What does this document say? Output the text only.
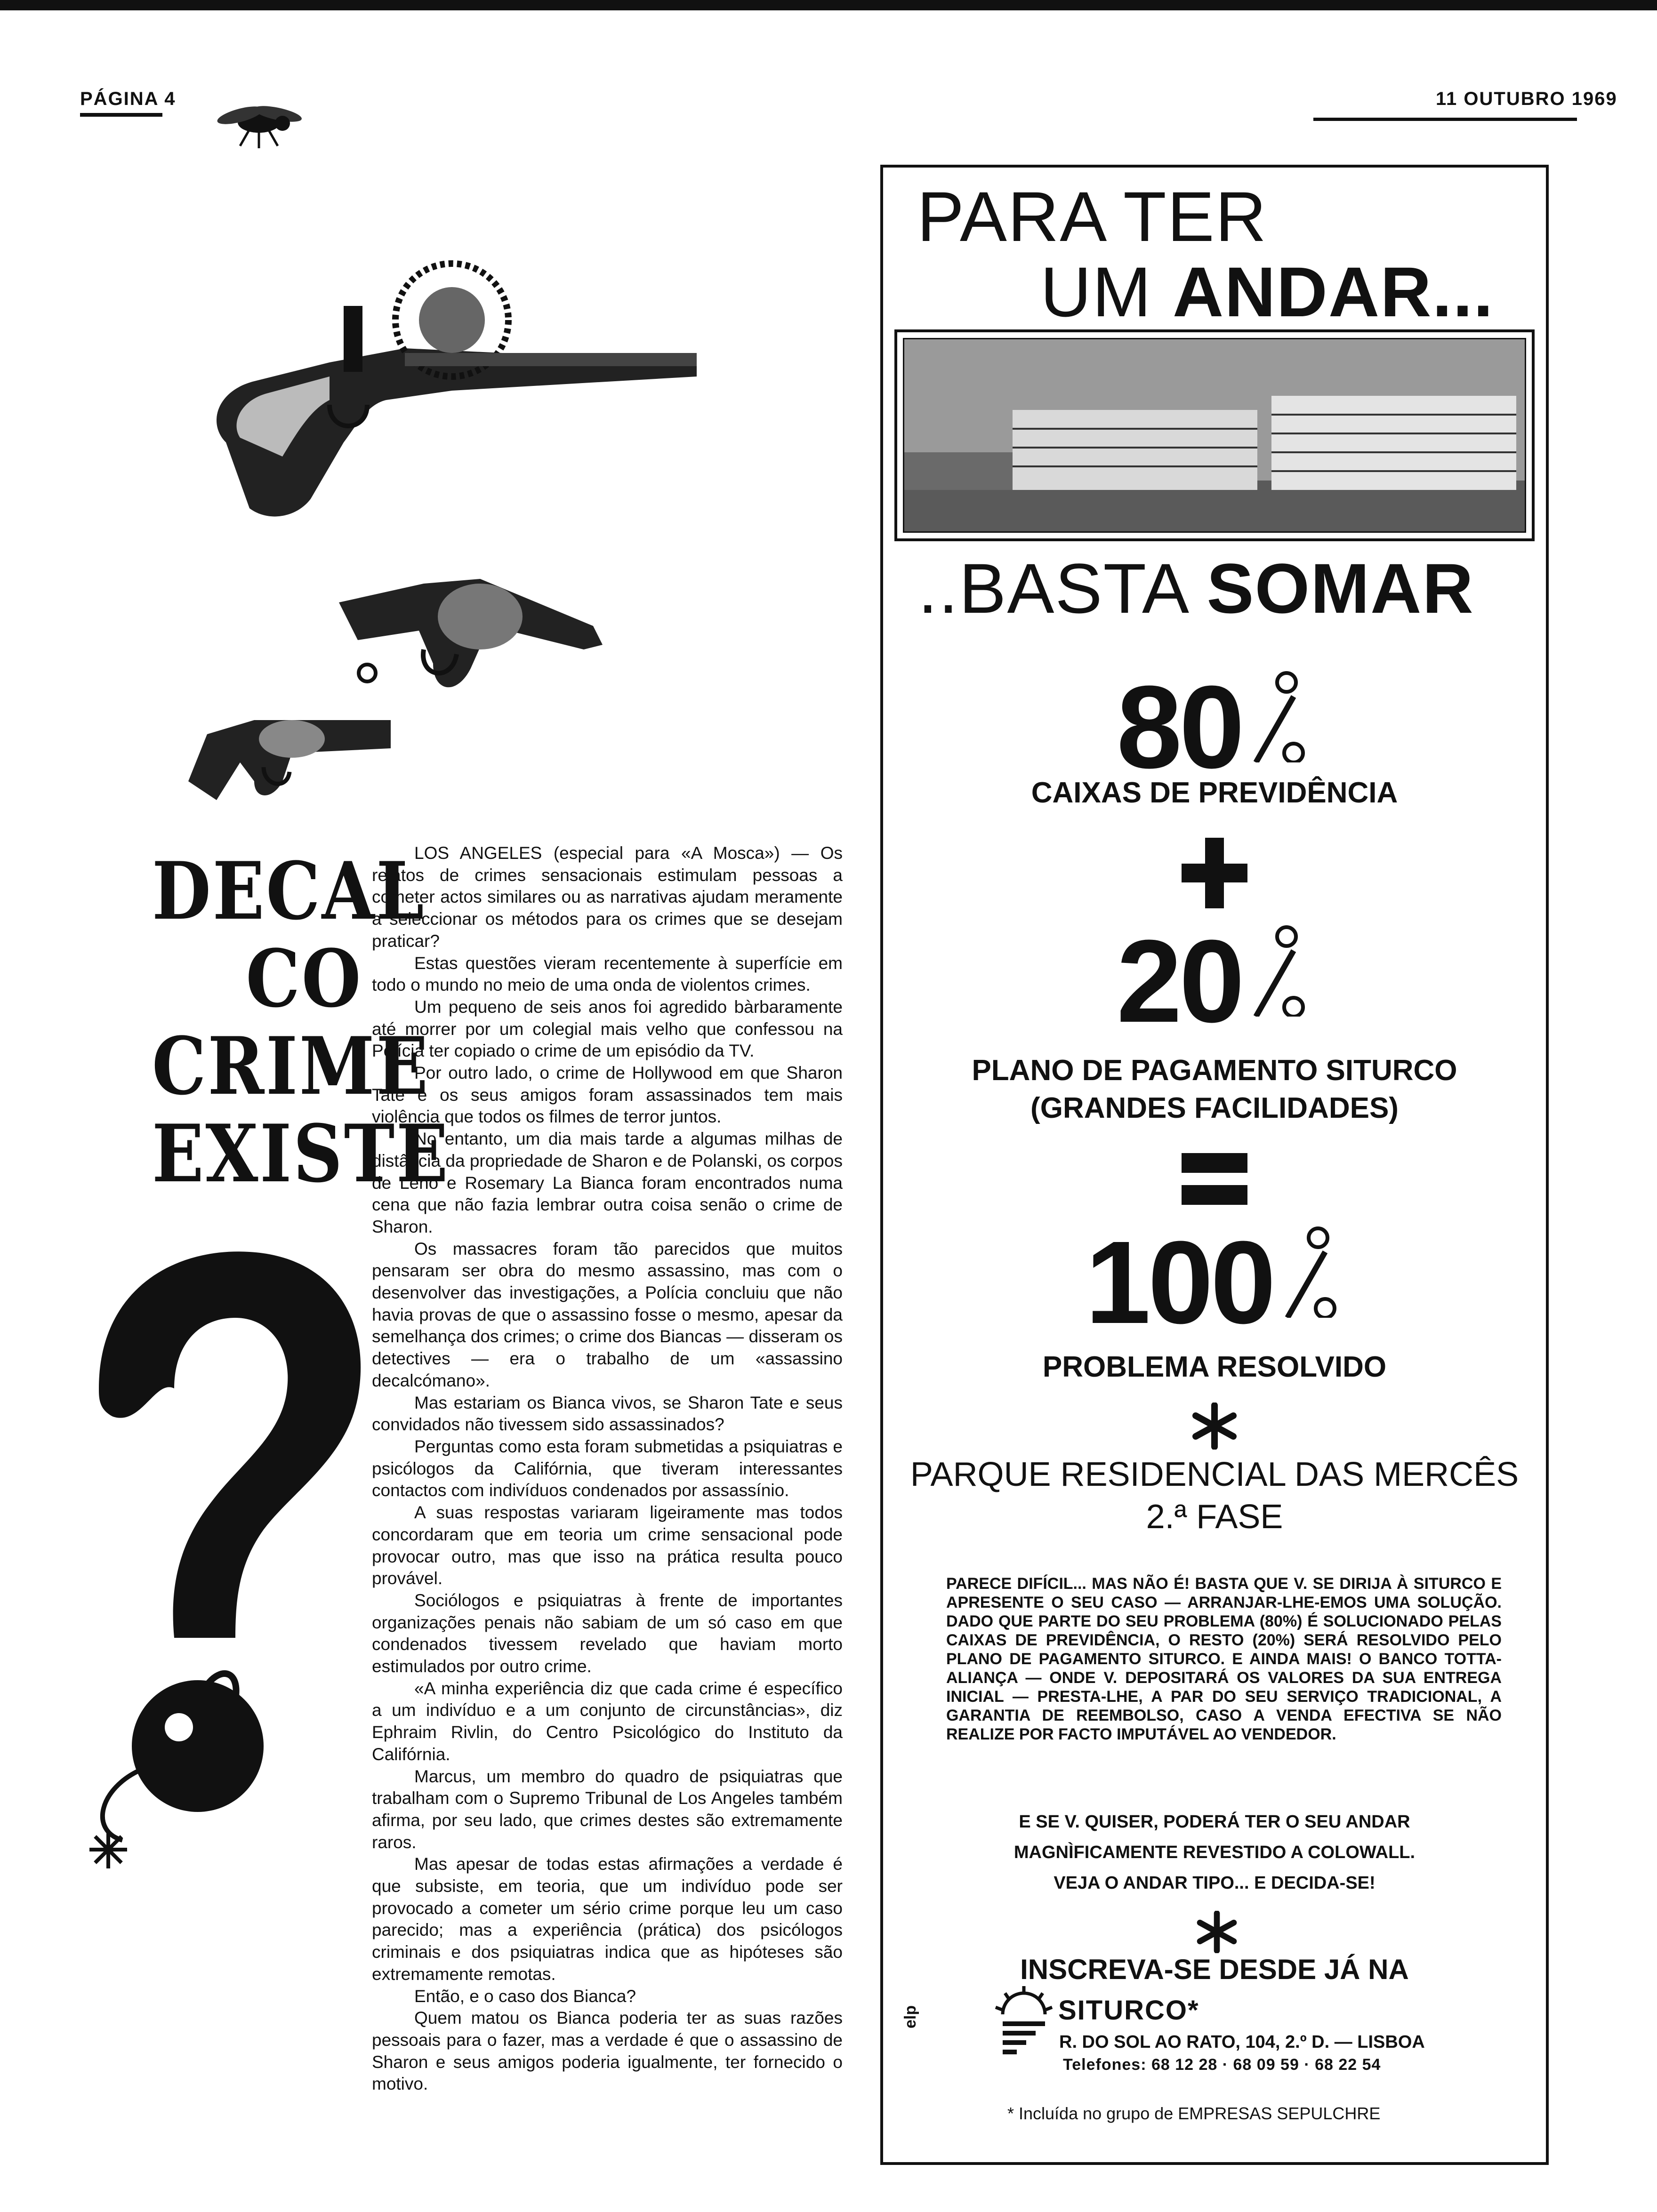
PÁGINA 4	11 OUTUBRO 1969
DECAL
CO
CRIME
EXISTE

LOS ANGELES (especial para «A Mosca») — Os relatos de crimes sensacionais estimulam pessoas a cometer actos similares ou as narrativas ajudam meramente a seleccionar os métodos para os crimes que se desejam praticar?

Estas questões vieram recentemente à superfície em todo o mundo no meio de uma onda de violentos crimes.

Um pequeno de seis anos foi agredido bàrbaramente até morrer por um colegial mais velho que confessou na Polícia ter copiado o crime de um episódio da TV.

Por outro lado, o crime de Hollywood em que Sharon Tate e os seus amigos foram assassinados tem mais violência que todos os filmes de terror juntos.

No entanto, um dia mais tarde a algumas milhas de distância da propriedade de Sharon e de Polanski, os corpos de Leno e Rosemary La Bianca foram encontrados numa cena que não fazia lembrar outra coisa senão o crime de Sharon.

Os massacres foram tão parecidos que muitos pensaram ser obra do mesmo assassino, mas com o desenvolver das investigações, a Polícia concluiu que não havia provas de que o assassino fosse o mesmo, apesar da semelhança dos crimes; o crime dos Biancas — disseram os detectives — era o trabalho de um «assassino decalcómano».

Mas estariam os Bianca vivos, se Sharon Tate e seus convidados não tivessem sido assassinados?

Perguntas como esta foram submetidas a psiquiatras e psicólogos da Califórnia, que tiveram interessantes contactos com indivíduos condenados por assassínio.

A suas respostas variaram ligeiramente mas todos concordaram que em teoria um crime sensacional pode provocar outro, mas que isso na prática resulta pouco provável.

Sociólogos e psiquiatras à frente de importantes organizações penais não sabiam de um só caso em que condenados tivessem revelado que haviam morto estimulados por outro crime.

«A minha experiência diz que cada crime é específico a um indivíduo e a um conjunto de circunstâncias», diz Ephraim Rivlin, do Centro Psicológico do Instituto da Califórnia.

Marcus, um membro do quadro de psiquiatras que trabalham com o Supremo Tribunal de Los Angeles também afirma, por seu lado, que crimes destes são extremamente raros.

Mas apesar de todas estas afirmações a verdade é que subsiste, em teoria, que um indivíduo pode ser provocado a cometer um sério crime porque leu um caso parecido; mas a experiência (prática) dos psicólogos criminais e dos psiquiatras indica que as hipóteses são extremamente remotas.

Então, e o caso dos Bianca?

Quem matou os Bianca poderia ter as suas razões pessoais para o fazer, mas a verdade é que o assassino de Sharon e seus amigos poderia igualmente, ter fornecido o motivo.

PARA TER
UM ANDAR...
..BASTA SOMAR
80
CAIXAS DE PREVIDÊNCIA
20
PLANO DE PAGAMENTO SITURCO
(GRANDES FACILIDADES)
100
PROBLEMA RESOLVIDO
PARQUE RESIDENCIAL DAS MERCÊS
2.ª FASE
PARECE DIFÍCIL... MAS NÃO É! BASTA QUE V. SE DIRIJA À SITURCO E APRESENTE O SEU CASO — ARRANJAR-LHE-EMOS UMA SOLUÇÃO. DADO QUE PARTE DO SEU PROBLEMA (80%) É SOLUCIONADO PELAS CAIXAS DE PREVIDÊNCIA, O RESTO (20%) SERÁ RESOLVIDO PELO PLANO DE PAGAMENTO SITURCO. E AINDA MAIS! O BANCO TOTTA-ALIANÇA — ONDE V. DEPOSITARÁ OS VALORES DA SUA ENTREGA INICIAL — PRESTA-LHE, A PAR DO SEU SERVIÇO TRADICIONAL, A GARANTIA DE REEMBOLSO, CASO A VENDA EFECTIVA SE NÃO REALIZE POR FACTO IMPUTÁVEL AO VENDEDOR.
E SE V. QUISER, PODERÁ TER O SEU ANDAR
MAGNÌFICAMENTE REVESTIDO A COLOWALL.
VEJA O ANDAR TIPO... E DECIDA-SE!
INSCREVA-SE DESDE JÁ NA
SITURCO*
R. DO SOL AO RATO, 104, 2.º D. — LISBOA
Telefones: 68 12 28 · 68 09 59 · 68 22 54
* Incluída no grupo de EMPRESAS SEPULCHRE
elp
